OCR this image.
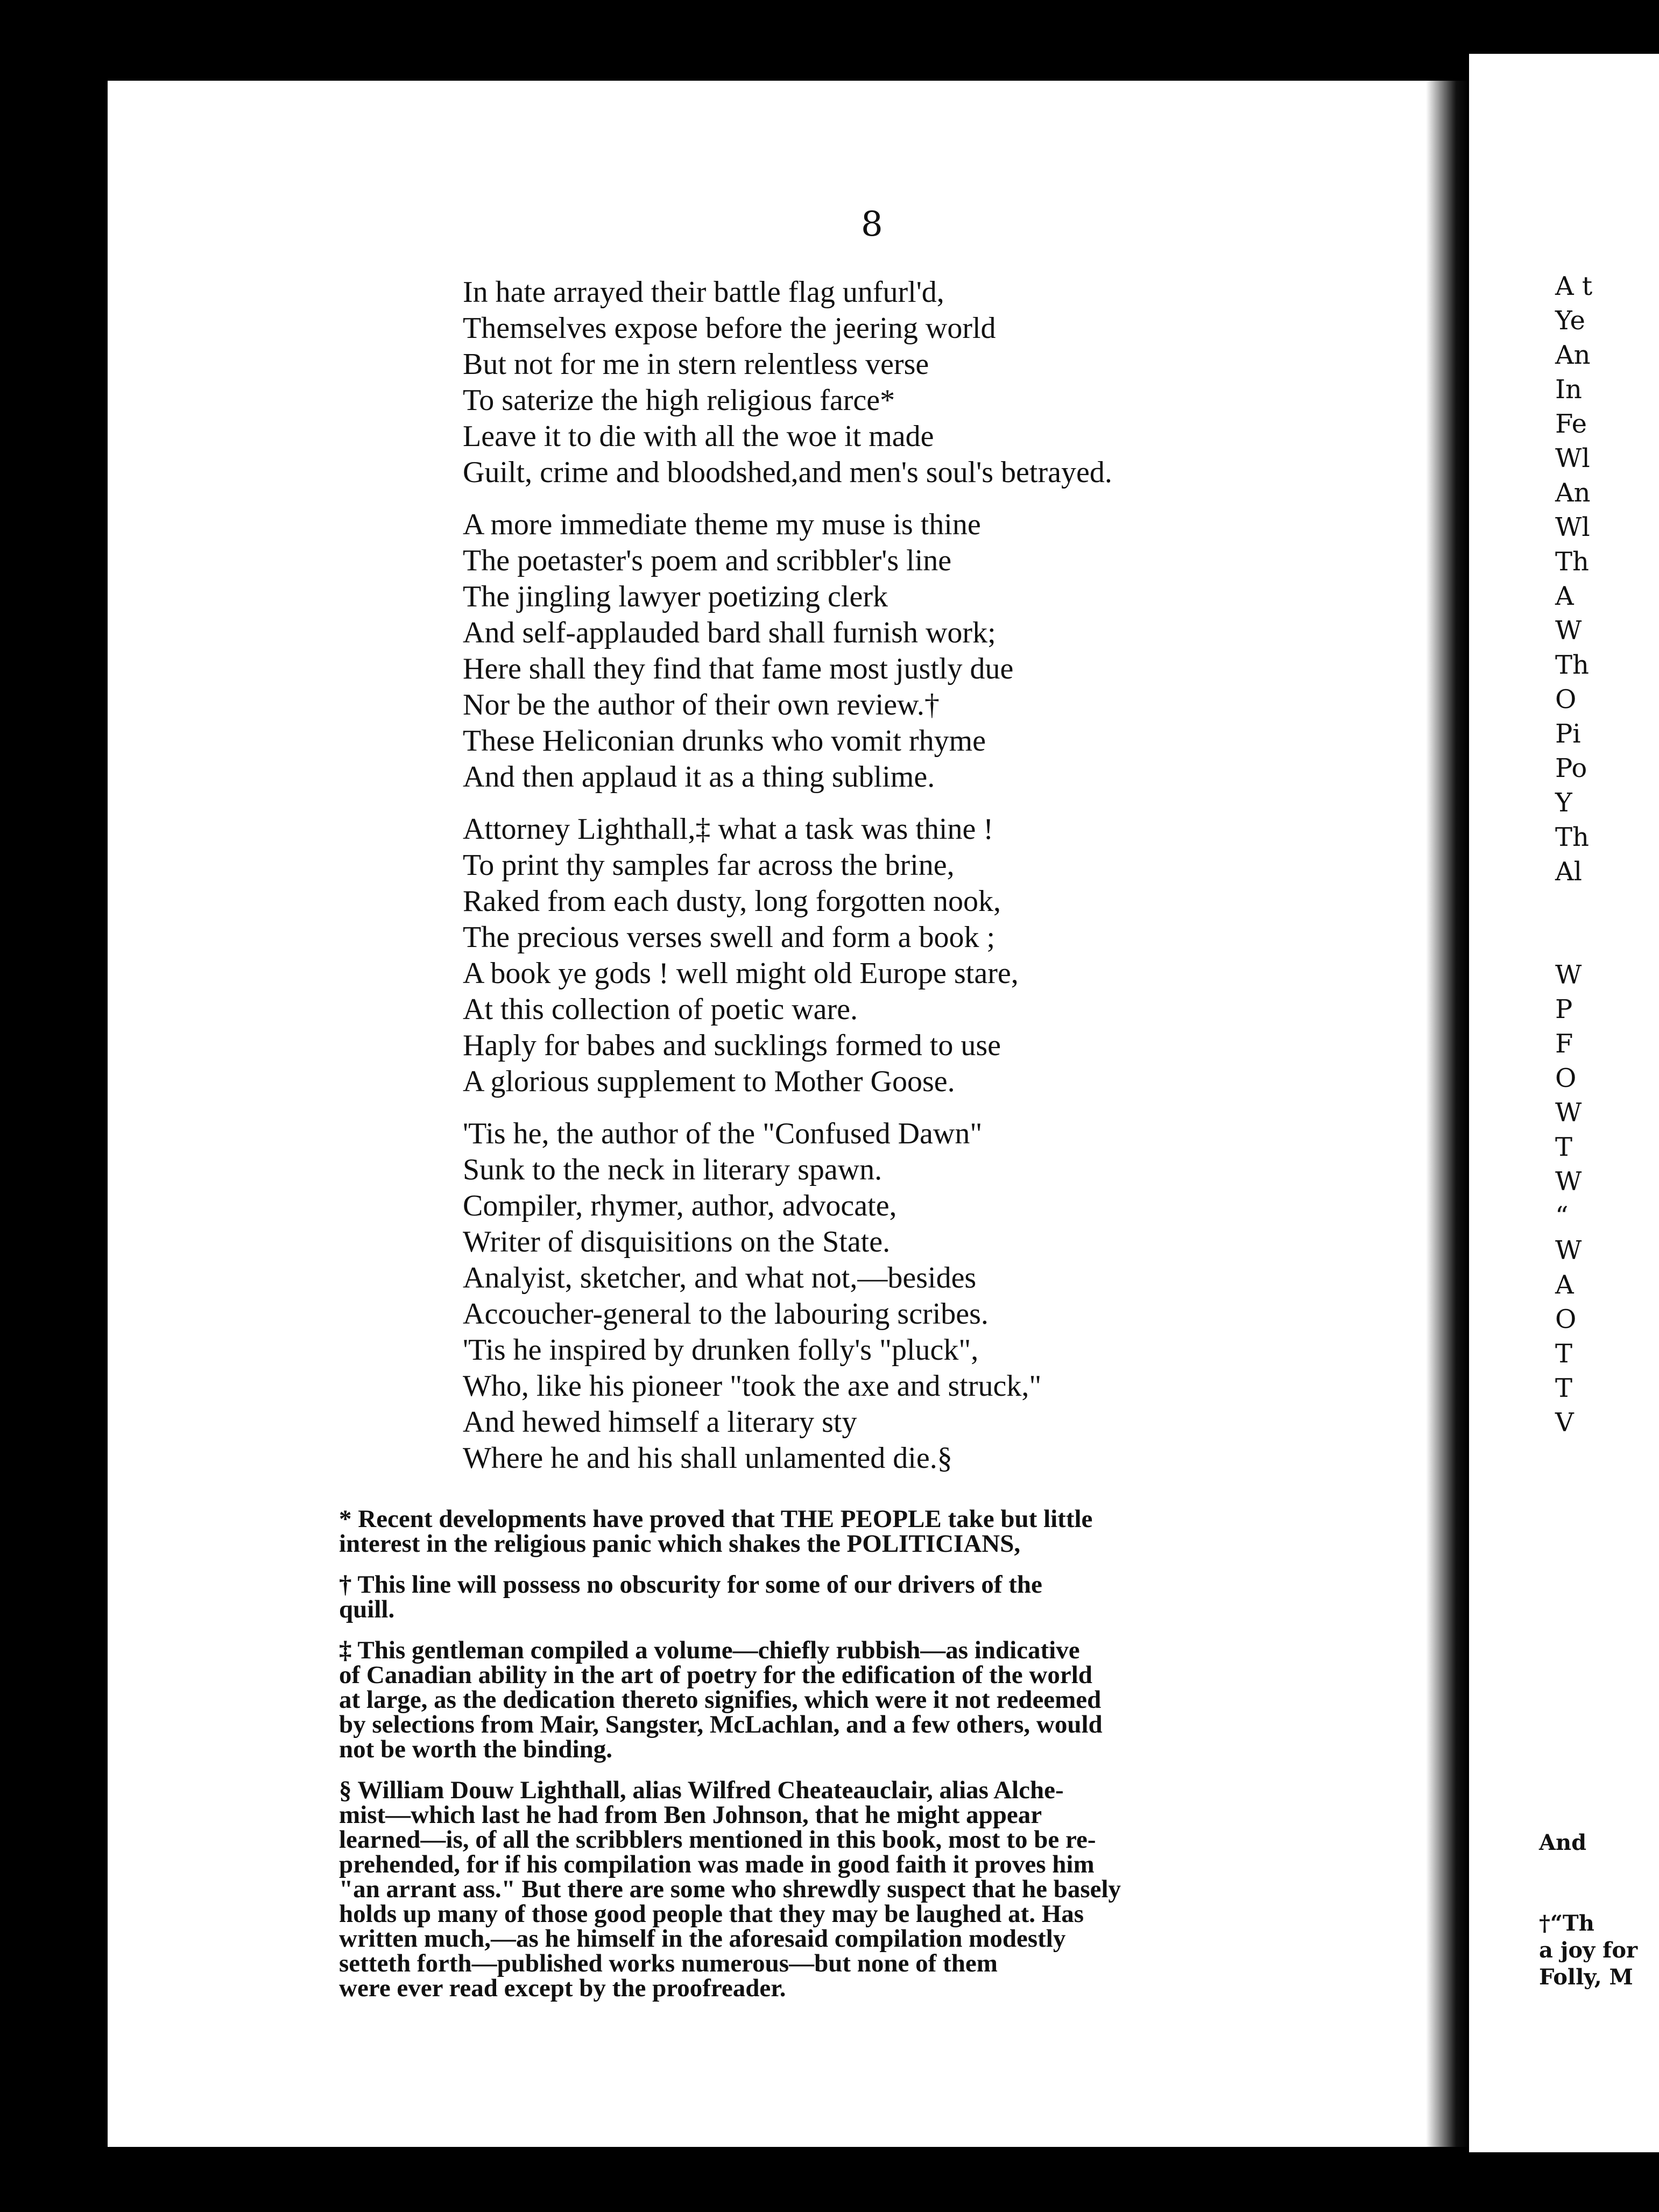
A t
Ye
An
In
Fe
Wl
An
Wl
Th
A
W
Th
O
Pi
Po
Y
Th
Al
W
P
F
O
W
T
W
“
W
A
O
T
T
V
And
†“Th
a joy for
Folly, M
8
In hate arrayed their battle flag unfurl'd,
Themselves expose before the jeering world
But not for me in stern relentless verse
To saterize the high religious farce*
Leave it to die with all the woe it made
Guilt, crime and bloodshed,and men's soul's betrayed.
A more immediate theme my muse is thine
The poetaster's poem and scribbler's line
The jingling lawyer poetizing clerk
And self-applauded bard shall furnish work;
Here shall they find that fame most justly due
Nor be the author of their own review.†
These Heliconian drunks who vomit rhyme
And then applaud it as a thing sublime.
Attorney Lighthall,‡ what a task was thine !
To print thy samples far across the brine,
Raked from each dusty, long forgotten nook,
The precious verses swell and form a book ;
A book ye gods ! well might old Europe stare,
At this collection of poetic ware.
Haply for babes and sucklings formed to use
A glorious supplement to Mother Goose.
'Tis he, the author of the "Confused Dawn"
Sunk to the neck in literary spawn.
Compiler, rhymer, author, advocate,
Writer of disquisitions on the State.
Analyist, sketcher, and what not,—besides
Accoucher-general to the labouring scribes.
'Tis he inspired by drunken folly's "pluck",
Who, like his pioneer "took the axe and struck,"
And hewed himself a literary sty
Where he and his shall unlamented die.§
* Recent developments have proved that THE PEOPLE take but little
interest in the religious panic which shakes the POLITICIANS,
† This line will possess no obscurity for some of our drivers of the
quill.
‡ This gentleman compiled a volume—chiefly rubbish—as indicative
of Canadian ability in the art of poetry for the edification of the world
at large, as the dedication thereto signifies, which were it not redeemed
by selections from Mair, Sangster, McLachlan, and a few others, would
not be worth the binding.
§ William Douw Lighthall, alias Wilfred Cheateauclair, alias Alche-
mist—which last he had from Ben Johnson, that he might appear
learned—is, of all the scribblers mentioned in this book, most to be re-
prehended, for if his compilation was made in good faith it proves him
"an arrant ass." But there are some who shrewdly suspect that he basely
holds up many of those good people that they may be laughed at. Has
written much,—as he himself in the aforesaid compilation modestly
setteth forth—published works numerous—but none of them
were ever read except by the proofreader.
